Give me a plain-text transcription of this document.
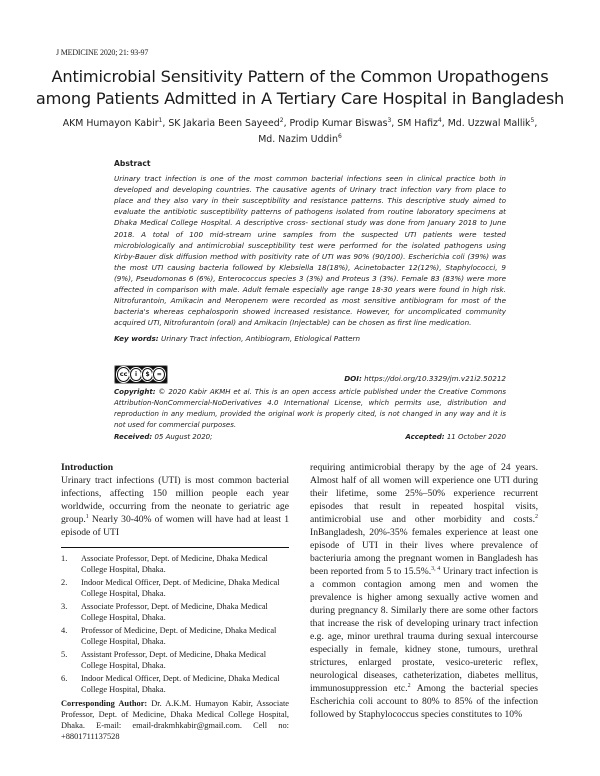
J MEDICINE 2020; 21: 93-97
Antimicrobial Sensitivity Pattern of the Common Uropathogens
among Patients Admitted in A Tertiary Care Hospital in Bangladesh
AKM Humayon Kabir$^1$, SK Jakaria Been Sayeed$^2$, Prodip Kumar Biswas$^3$, SM Hafiz$^4$, Md. Uzzwal Mallik$^5$,
Md. Nazim Uddin$^6$
Abstract
Urinary tract infection is one of the most common bacterial infections seen in clinical practice both in developed and developing countries. The causative agents of Urinary tract infection vary from place to place and they also vary in their susceptibility and resistance patterns. This descriptive study aimed to evaluate the antibiotic susceptibility patterns of pathogens isolated from routine laboratory specimens at Dhaka Medical College Hospital. A descriptive cross- sectional study was done from January 2018 to June 2018. A total of 100 mid-stream urine samples from the suspected UTI patients were tested microbiologically and antimicrobial susceptibility test were performed for the isolated pathogens using Kirby-Bauer disk diffusion method with positivity rate of UTI was 90% (90/100). Escherichia coli (39%) was the most UTI causing bacteria followed by Klebsiella 18(18%), Acinetobacter 12(12%), Staphylococci, 9 (9%), Pseudomonas 6 (6%), Enterococcus species 3 (3%) and Proteus 3 (3%). Female 83 (83%) were more affected in comparison with male. Adult female especially age range 18-30 years were found in high risk. Nitrofurantoin, Amikacin and Meropenem were recorded as most sensitive antibiogram for most of the bacteria's whereas cephalosporin showed increased resistance. However, for uncomplicated community acquired UTI, Nitrofurantoin (oral) and Amikacin (Injectable) can be chosen as first line medication.
Key words: Urinary Tract infection, Antibiogram, Etiological Pattern
cc	i	$	=	DOI: https://doi.org/10.3329/jm.v21i2.50212
Copyright: © 2020 Kabir AKMH et al. This is an open access article published under the Creative Commons Attribution-NonCommercial-NoDerivatives 4.0 International License, which permits use, distribution and reproduction in any medium, provided the original work is properly cited, is not changed in any way and it is not used for commercial purposes.
Received: 05 August 2020;	Accepted: 11 October 2020
Introduction

Urinary tract infections (UTI) is most common bacterial infections, affecting 150 million people each year worldwide, occurring from the neonate to geriatric age group.$^1$ Nearly 30-40% of women will have had at least 1 episode of UTI

1.	Associate Professor, Dept. of Medicine, Dhaka Medical College Hospital, Dhaka.
2.	Indoor Medical Officer, Dept. of Medicine, Dhaka Medical College Hospital, Dhaka.
3.	Associate Professor, Dept. of Medicine, Dhaka Medical College Hospital, Dhaka.
4.	Professor of Medicine, Dept. of Medicine, Dhaka Medical College Hospital, Dhaka.
5.	Assistant Professor, Dept. of Medicine, Dhaka Medical College Hospital, Dhaka.
6.	Indoor Medical Officer, Dept. of Medicine, Dhaka Medical College Hospital, Dhaka.
Corresponding Author: Dr. A.K.M. Humayon Kabir, Associate Professor, Dept. of Medicine, Dhaka Medical College Hospital, Dhaka. E-mail: email-drakmhkabir@gmail.com. Cell no: +8801711137528

requiring antimicrobial therapy by the age of 24 years. Almost half of all women will experience one UTI during their lifetime, some 25%–50% experience recurrent episodes that result in repeated hospital visits, antimicrobial use and other morbidity and costs.$^2$ InBangladesh, 20%-35% females experience at least one episode of UTI in their lives where prevalence of bacteriuria among the pregnant women in Bangladesh has been reported from 5 to 15.5%.$^{3, 4}$ Urinary tract infection is a common contagion among men and women the prevalence is higher among sexually active women and during pregnancy 8. Similarly there are some other factors that increase the risk of developing urinary tract infection e.g. age, minor urethral trauma during sexual intercourse especially in female, kidney stone, tumours, urethral strictures, enlarged prostate, vesico-ureteric reflex, neurological diseases, catheterization, diabetes mellitus, immunosuppression etc.$^2$ Among the bacterial species Escherichia coli account to 80% to 85% of the infection followed by Staphylococcus species constitutes to 10%
